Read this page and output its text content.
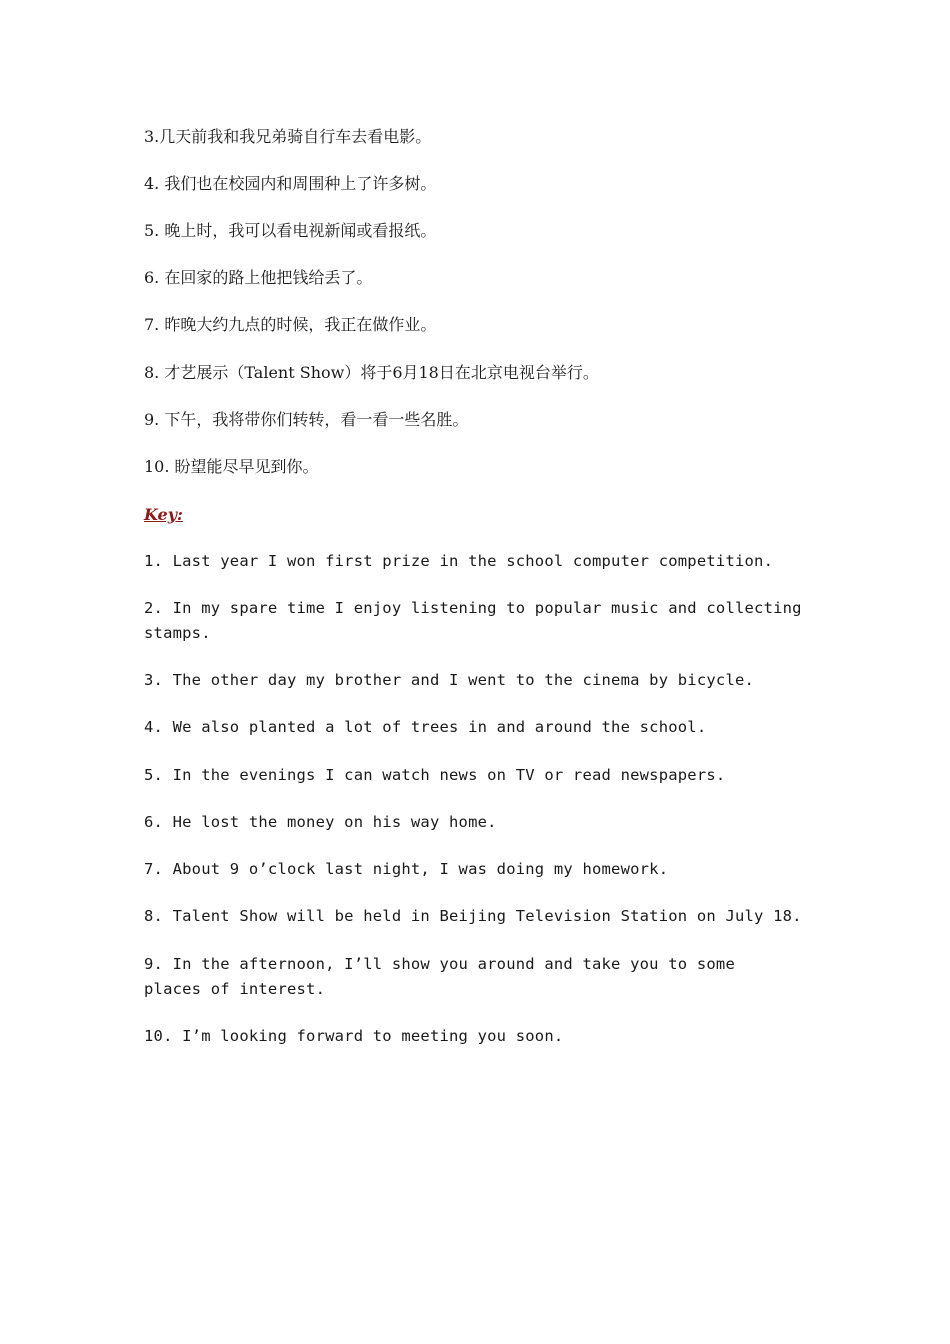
3.几天前我和我兄弟骑自行车去看电影。

4. 我们也在校园内和周围种上了许多树。

5. 晚上时，我可以看电视新闻或看报纸。

6. 在回家的路上他把钱给丢了。

7. 昨晚大约九点的时候，我正在做作业。

8. 才艺展示（Talent Show）将于6月18日在北京电视台举行。

9. 下午，我将带你们转转，看一看一些名胜。

10. 盼望能尽早见到你。

Key:

1. Last year I won first prize in the school computer competition.

2. In my spare time I enjoy listening to popular music and collecting

stamps.

3. The other day my brother and I went to the cinema by bicycle.

4. We also planted a lot of trees in and around the school.

5. In the evenings I can watch news on TV or read newspapers.

6. He lost the money on his way home.

7. About 9 o’clock last night, I was doing my homework.

8. Talent Show will be held in Beijing Television Station on July 18.

9. In the afternoon, I’ll show you around and take you to some

places of interest.

10. I’m looking forward to meeting you soon.
